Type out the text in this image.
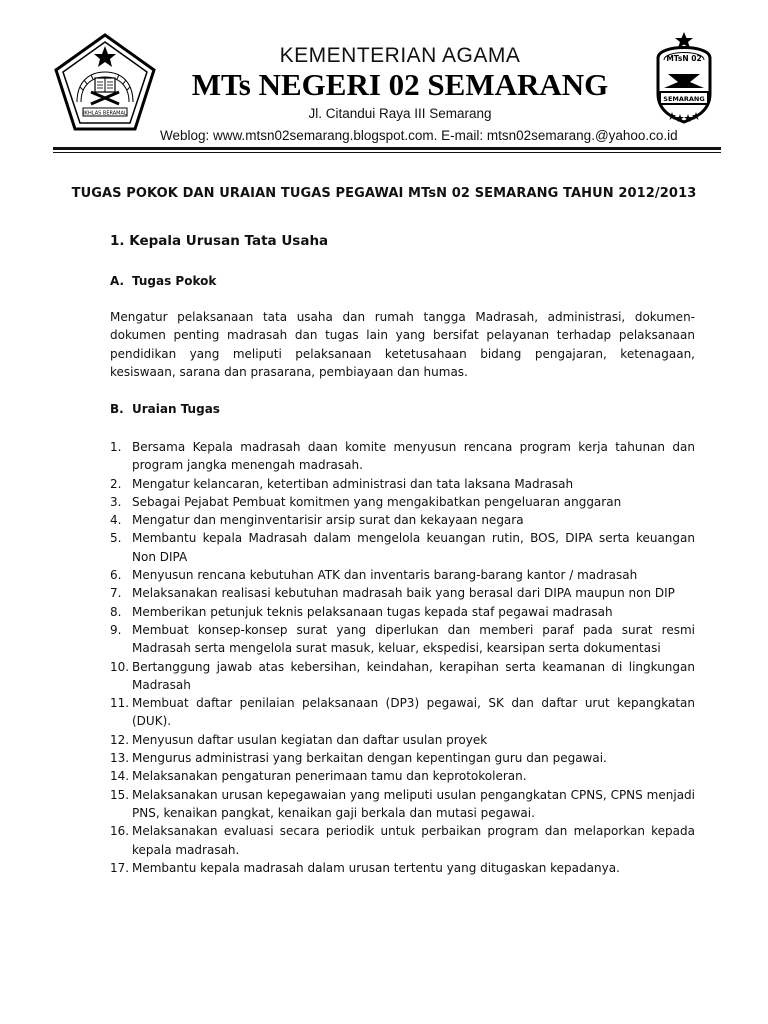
IKHLAS BERAMAL

KEMENTERIAN AGAMA

MTs NEGERI 02 SEMARANG

Jl. Citandui Raya III Semarang

Weblog: www.mtsn02semarang.blogspot.com. E-mail: mtsn02semarang.@yahoo.co.id
MTsN 02
SEMARANG
TUGAS POKOK DAN URAIAN TUGAS PEGAWAI MTsN 02 SEMARANG TAHUN 2012/2013
1. Kepala Urusan Tata Usaha
A. Tugas Pokok

Mengatur pelaksanaan tata usaha dan rumah tangga Madrasah, administrasi, dokumen-dokumen penting madrasah dan tugas lain yang bersifat pelayanan terhadap pelaksanaan pendidikan yang meliputi pelaksanaan ketetusahaan bidang pengajaran, ketenagaan, kesiswaan, sarana dan prasarana, pembiayaan dan humas.

B. Uraian Tugas
1. Bersama Kepala madrasah daan komite menyusun rencana program kerja tahunan dan program jangka menengah madrasah.
2. Mengatur kelancaran, ketertiban administrasi dan tata laksana Madrasah
3. Sebagai Pejabat Pembuat komitmen yang mengakibatkan pengeluaran anggaran
4. Mengatur dan menginventarisir arsip surat dan kekayaan negara
5. Membantu kepala Madrasah dalam mengelola keuangan rutin, BOS, DIPA serta keuangan Non DIPA
6. Menyusun rencana kebutuhan ATK dan inventaris barang-barang kantor / madrasah
7. Melaksanakan realisasi kebutuhan madrasah baik yang berasal dari DIPA maupun non DIP
8. Memberikan petunjuk teknis pelaksanaan tugas kepada staf pegawai madrasah
9. Membuat konsep-konsep surat yang diperlukan dan memberi paraf pada surat resmi Madrasah serta mengelola surat masuk, keluar, ekspedisi, kearsipan serta dokumentasi
10. Bertanggung jawab atas kebersihan, keindahan, kerapihan serta keamanan di lingkungan Madrasah
11. Membuat daftar penilaian pelaksanaan (DP3) pegawai, SK dan daftar urut kepangkatan (DUK).
12. Menyusun daftar usulan kegiatan dan daftar usulan proyek
13. Mengurus administrasi yang berkaitan dengan kepentingan guru dan pegawai.
14. Melaksanakan pengaturan penerimaan tamu dan keprotokoleran.
15. Melaksanakan urusan kepegawaian yang meliputi usulan pengangkatan CPNS, CPNS menjadi PNS, kenaikan pangkat, kenaikan gaji berkala dan mutasi pegawai.
16. Melaksanakan evaluasi secara periodik untuk perbaikan program dan melaporkan kepada kepala madrasah.
17. Membantu kepala madrasah dalam urusan tertentu yang ditugaskan kepadanya.
